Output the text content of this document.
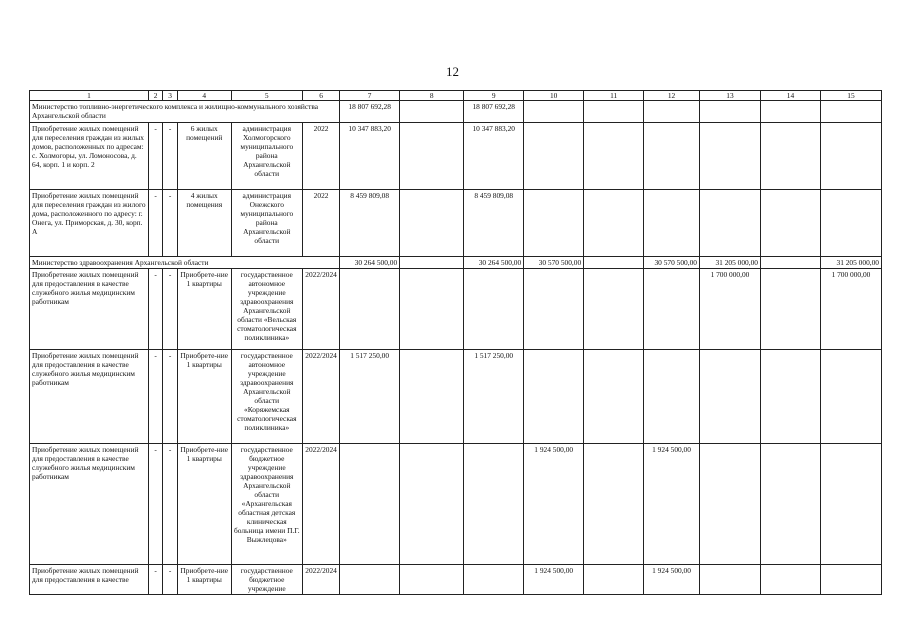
12
1	2	3	4	5	6	7	8	9	10	11	12	13	14	15
Министерство топливно-энергетического комплекса и жилищно-коммунального хозяйства Архангельской области						18 807 692,28		18 807 692,28						
Приобретение жилых помещений для переселения граждан из жилых домов, расположенных по адресам: с. Холмогоры, ул. Ломоносова, д. 64, корп. 1 и корп. 2	-	-	6 жилых помещений	администрация Холмогорского муниципального района Архангельской области	2022	10 347 883,20		10 347 883,20						
Приобретение жилых помещений для переселения граждан из жилого дома, расположенного по адресу: г. Онега, ул. Приморская, д. 30, корп. А	-	-	4 жилых помещения	администрация Онежского муниципального района Архангельской области	2022	8 459 809,08		8 459 809,08						
Министерство здравоохранения Архангельской области						30 264 500,00		30 264 500,00	30 570 500,00		30 570 500,00	31 205 000,00		31 205 000,00
Приобретение жилых помещений для предоставления в качестве служебного жилья медицинским работникам	-	-	Приобрете-ние 1 квартиры	государственное автономное учреждение здравоохранения Архангельской области «Вельская стоматологическая поликлиника»	2022/2024							1 700 000,00		1 700 000,00
Приобретение жилых помещений для предоставления в качестве служебного жилья медицинским работникам	-	-	Приобрете-ние 1 квартиры	государственное автономное учреждение здравоохранения Архангельской области «Коряжемская стоматологическая поликлиника»	2022/2024	1 517 250,00		1 517 250,00						
Приобретение жилых помещений для предоставления в качестве служебного жилья медицинским работникам	-	-	Приобрете-ние 1 квартиры	государственное бюджетное учреждение здравоохранения Архангельской области «Архангельская областная детская клиническая больница имени П.Г. Выжлецова»	2022/2024				1 924 500,00		1 924 500,00			
Приобретение жилых помещений для предоставления в качестве	-	-	Приобрете-ние 1 квартиры	государственное бюджетное учреждение	2022/2024				1 924 500,00		1 924 500,00			
